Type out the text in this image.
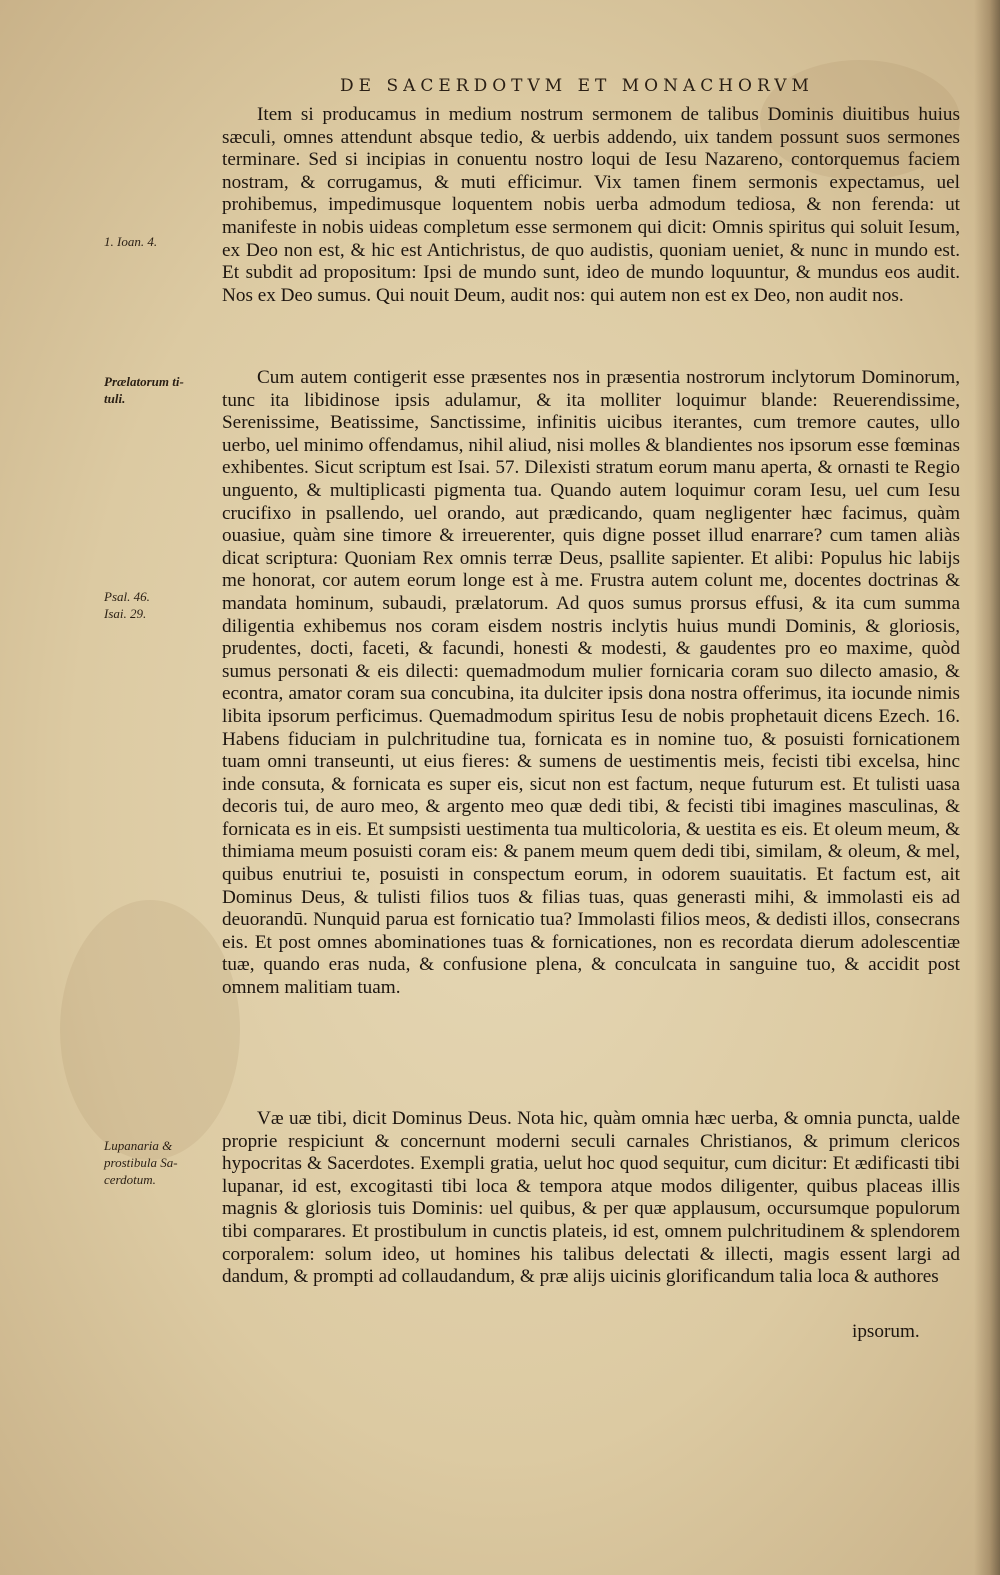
DE SACERDOTVM ET MONACHORVM
1. Ioan. 4.
Prælatorum ti-
tuli.
Psal. 46.
Isai. 29.
Lupanaria &
prostibula Sa-
cerdotum.

Item si producamus in medium nostrum sermonem de talibus Dominis diuitibus huius sæculi, omnes attendunt absque tedio, & uerbis addendo, uix tandem possunt suos sermones terminare. Sed si incipias in conuentu nostro loqui de Iesu Nazareno, contorquemus faciem nostram, & corrugamus, & muti efficimur. Vix tamen finem sermonis expectamus, uel prohibemus, impedimusque loquentem nobis uerba admodum tediosa, & non ferenda: ut manifeste in nobis uideas completum esse sermonem qui dicit: Omnis spiritus qui soluit Iesum, ex Deo non est, & hic est Antichristus, de quo audistis, quoniam ueniet, & nunc in mundo est. Et subdit ad propositum: Ipsi de mundo sunt, ideo de mundo loquuntur, & mundus eos audit. Nos ex Deo sumus. Qui nouit Deum, audit nos: qui autem non est ex Deo, non audit nos.

Cum autem contigerit esse præsentes nos in præsentia nostrorum inclytorum Dominorum, tunc ita libidinose ipsis adulamur, & ita molliter loquimur blande: Reuerendissime, Serenissime, Beatissime, Sanctissime, infinitis uicibus iterantes, cum tremore cautes, ullo uerbo, uel minimo offendamus, nihil aliud, nisi molles & blandientes nos ipsorum esse fœminas exhibentes. Sicut scriptum est Isai. 57. Dilexisti stratum eorum manu aperta, & ornasti te Regio unguento, & multiplicasti pigmenta tua. Quando autem loquimur coram Iesu, uel cum Iesu crucifixo in psallendo, uel orando, aut prædicando, quam negligenter hæc facimus, quàm ouasiue, quàm sine timore & irreuerenter, quis digne posset illud enarrare? cum tamen aliàs dicat scriptura: Quoniam Rex omnis terræ Deus, psallite sapienter. Et alibi: Populus hic labijs me honorat, cor autem eorum longe est à me. Frustra autem colunt me, docentes doctrinas & mandata hominum, subaudi, prælatorum. Ad quos sumus prorsus effusi, & ita cum summa diligentia exhibemus nos coram eisdem nostris inclytis huius mundi Dominis, & gloriosis, prudentes, docti, faceti, & facundi, honesti & modesti, & gaudentes pro eo maxime, quòd sumus personati & eis dilecti: quemadmodum mulier fornicaria coram suo dilecto amasio, & econtra, amator coram sua concubina, ita dulciter ipsis dona nostra offerimus, ita iocunde nimis libita ipsorum perficimus. Quemadmodum spiritus Iesu de nobis prophetauit dicens Ezech. 16. Habens fiduciam in pulchritudine tua, fornicata es in nomine tuo, & posuisti fornicationem tuam omni transeunti, ut eius fieres: & sumens de uestimentis meis, fecisti tibi excelsa, hinc inde consuta, & fornicata es super eis, sicut non est factum, neque futurum est. Et tulisti uasa decoris tui, de auro meo, & argento meo quæ dedi tibi, & fecisti tibi imagines masculinas, & fornicata es in eis. Et sumpsisti uestimenta tua multicoloria, & uestita es eis. Et oleum meum, & thimiama meum posuisti coram eis: & panem meum quem dedi tibi, similam, & oleum, & mel, quibus enutriui te, posuisti in conspectum eorum, in odorem suauitatis. Et factum est, ait Dominus Deus, & tulisti filios tuos & filias tuas, quas generasti mihi, & immolasti eis ad deuorandū. Nunquid parua est fornicatio tua? Immolasti filios meos, & dedisti illos, consecrans eis. Et post omnes abominationes tuas & fornicationes, non es recordata dierum adolescentiæ tuæ, quando eras nuda, & confusione plena, & conculcata in sanguine tuo, & accidit post omnem malitiam tuam.

Væ uæ tibi, dicit Dominus Deus. Nota hic, quàm omnia hæc uerba, & omnia puncta, ualde proprie respiciunt & concernunt moderni seculi carnales Christianos, & primum clericos hypocritas & Sacerdotes. Exempli gratia, uelut hoc quod sequitur, cum dicitur: Et ædificasti tibi lupanar, id est, excogitasti tibi loca & tempora atque modos diligenter, quibus placeas illis magnis & gloriosis tuis Dominis: uel quibus, & per quæ applausum, occursumque populorum tibi comparares. Et prostibulum in cunctis plateis, id est, omnem pulchritudinem & splendorem corporalem: solum ideo, ut homines his talibus delectati & illecti, magis essent largi ad dandum, & prompti ad collaudandum, & præ alijs uicinis glorificandum talia loca & authores

ipsorum.
